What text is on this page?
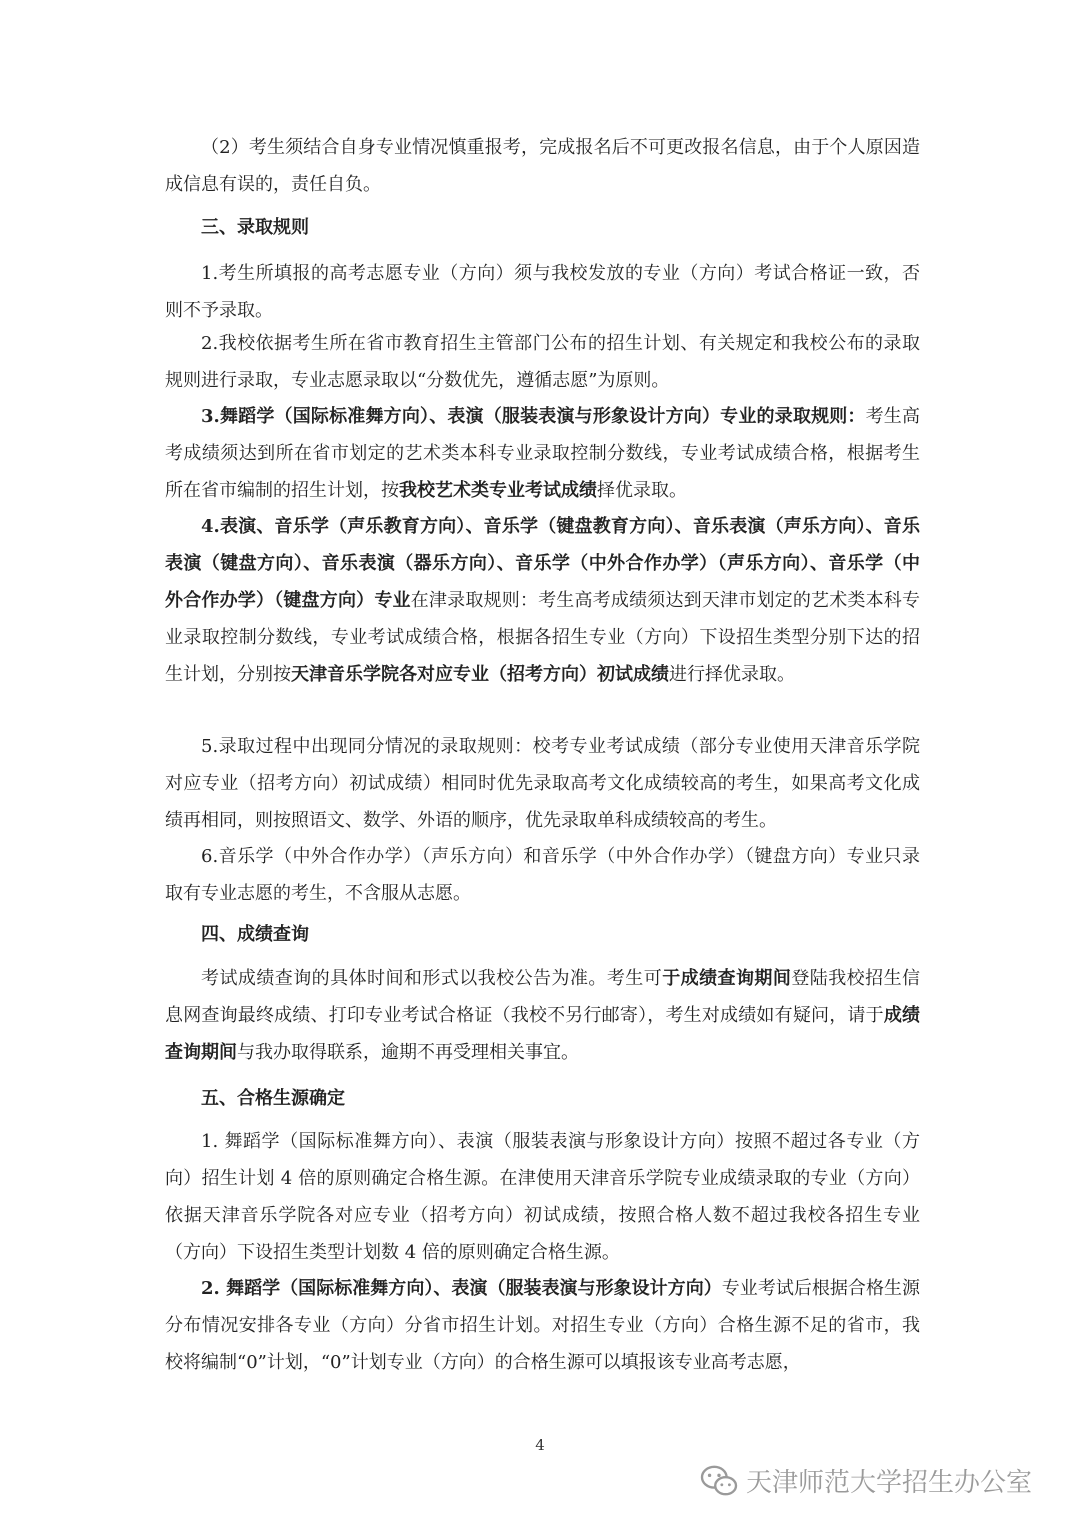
（2）考生须结合自身专业情况慎重报考，完成报名后不可更改报名信息，由于个人原因造成信息有误的，责任自负。
三、录取规则
1.考生所填报的高考志愿专业（方向）须与我校发放的专业（方向）考试合格证一致，否则不予录取。
2.我校依据考生所在省市教育招生主管部门公布的招生计划、有关规定和我校公布的录取规则进行录取，专业志愿录取以“分数优先，遵循志愿”为原则。
3.舞蹈学（国际标准舞方向）、表演（服装表演与形象设计方向）专业的录取规则：考生高考成绩须达到所在省市划定的艺术类本科专业录取控制分数线，专业考试成绩合格，根据考生所在省市编制的招生计划，按我校艺术类专业考试成绩择优录取。
4.表演、音乐学（声乐教育方向）、音乐学（键盘教育方向）、音乐表演（声乐方向）、音乐表演（键盘方向）、音乐表演（器乐方向）、音乐学（中外合作办学）（声乐方向）、音乐学（中外合作办学）（键盘方向）专业在津录取规则：考生高考成绩须达到天津市划定的艺术类本科专业录取控制分数线，专业考试成绩合格，根据各招生专业（方向）下设招生类型分别下达的招生计划，分别按天津音乐学院各对应专业（招考方向）初试成绩进行择优录取。
5.录取过程中出现同分情况的录取规则：校考专业考试成绩（部分专业使用天津音乐学院对应专业（招考方向）初试成绩）相同时优先录取高考文化成绩较高的考生，如果高考文化成绩再相同，则按照语文、数学、外语的顺序，优先录取单科成绩较高的考生。
6.音乐学（中外合作办学）（声乐方向）和音乐学（中外合作办学）（键盘方向）专业只录取有专业志愿的考生，不含服从志愿。
四、成绩查询
考试成绩查询的具体时间和形式以我校公告为准。考生可于成绩查询期间登陆我校招生信息网查询最终成绩、打印专业考试合格证（我校不另行邮寄），考生对成绩如有疑问，请于成绩查询期间与我办取得联系，逾期不再受理相关事宜。
五、合格生源确定
1. 舞蹈学（国际标准舞方向）、表演（服装表演与形象设计方向）按照不超过各专业（方向）招生计划 4 倍的原则确定合格生源。在津使用天津音乐学院专业成绩录取的专业（方向）依据天津音乐学院各对应专业（招考方向）初试成绩，按照合格人数不超过我校各招生专业（方向）下设招生类型计划数 4 倍的原则确定合格生源。
2. 舞蹈学（国际标准舞方向）、表演（服装表演与形象设计方向）专业考试后根据合格生源分布情况安排各专业（方向）分省市招生计划。对招生专业（方向）合格生源不足的省市，我校将编制“0”计划，“0”计划专业（方向）的合格生源可以填报该专业高考志愿，
4
天津师范大学招生办公室
